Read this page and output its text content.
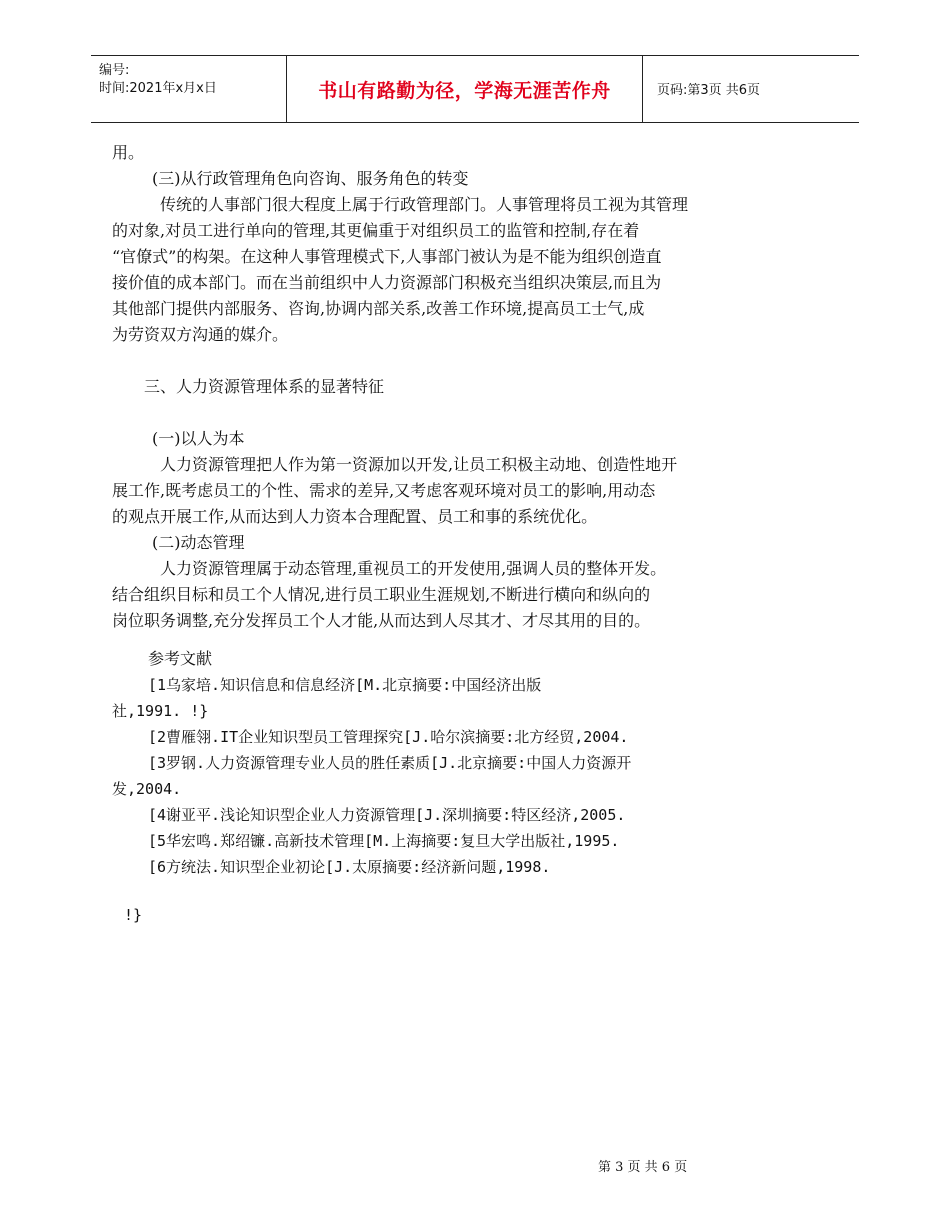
编号:
时间:2021年x月x日	书山有路勤为径，学海无涯苦作舟	页码:第3页 共6页
用。
(三)从行政管理角色向咨询、服务角色的转变
传统的人事部门很大程度上属于行政管理部门。人事管理将员工视为其管理
的对象,对员工进行单向的管理,其更偏重于对组织员工的监管和控制,存在着
“官僚式”的构架。在这种人事管理模式下,人事部门被认为是不能为组织创造直
接价值的成本部门。而在当前组织中人力资源部门积极充当组织决策层,而且为
其他部门提供内部服务、咨询,协调内部关系,改善工作环境,提高员工士气,成
为劳资双方沟通的媒介。
三、人力资源管理体系的显著特征
(一)以人为本
人力资源管理把人作为第一资源加以开发,让员工积极主动地、创造性地开
展工作,既考虑员工的个性、需求的差异,又考虑客观环境对员工的影响,用动态
的观点开展工作,从而达到人力资本合理配置、员工和事的系统优化。
(二)动态管理
人力资源管理属于动态管理,重视员工的开发使用,强调人员的整体开发。
结合组织目标和员工个人情况,进行员工职业生涯规划,不断进行横向和纵向的
岗位职务调整,充分发挥员工个人才能,从而达到人尽其才、才尽其用的目的。
参考文献
[1乌家培.知识信息和信息经济[M.北京摘要:中国经济出版
社,1991. !}
[2曹雁翎.IT企业知识型员工管理探究[J.哈尔滨摘要:北方经贸,2004.
[3罗钢.人力资源管理专业人员的胜任素质[J.北京摘要:中国人力资源开
发,2004.
[4谢亚平.浅论知识型企业人力资源管理[J.深圳摘要:特区经济,2005.
[5华宏鸣.郑绍镰.高新技术管理[M.上海摘要:复旦大学出版社,1995.
[6方统法.知识型企业初论[J.太原摘要:经济新问题,1998.
!}
第 3 页 共 6 页
